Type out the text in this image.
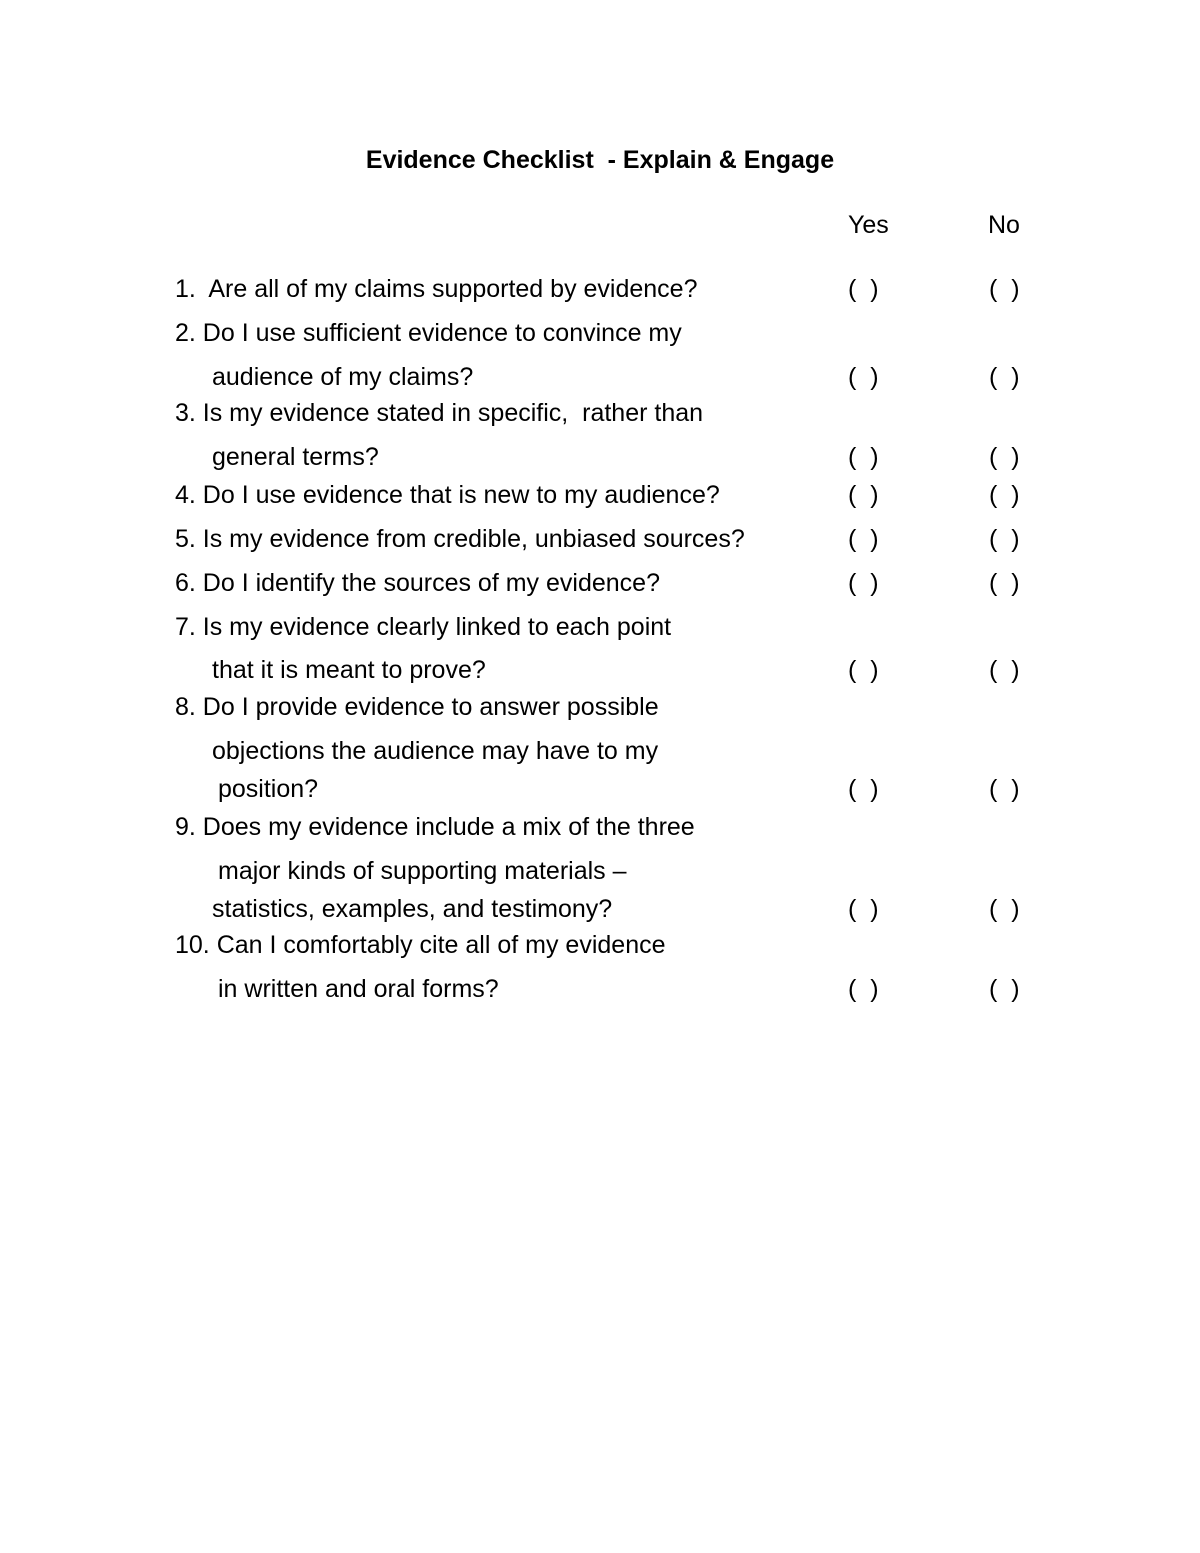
Evidence Checklist  - Explain & Engage
Yes	No
1.  Are all of my claims supported by evidence?	(  )	(  )
2. Do I use sufficient evidence to convince my
audience of my claims?	(  )	(  )
3. Is my evidence stated in specific,  rather than
general terms?	(  )	(  )
4. Do I use evidence that is new to my audience?	(  )	(  )
5. Is my evidence from credible, unbiased sources?	(  )	(  )
6. Do I identify the sources of my evidence?	(  )	(  )
7. Is my evidence clearly linked to each point
that it is meant to prove?	(  )	(  )
8. Do I provide evidence to answer possible
objections the audience may have to my
position?	(  )	(  )
9. Does my evidence include a mix of the three
major kinds of supporting materials –
statistics, examples, and testimony?	(  )	(  )
10. Can I comfortably cite all of my evidence
in written and oral forms?	(  )	(  )
